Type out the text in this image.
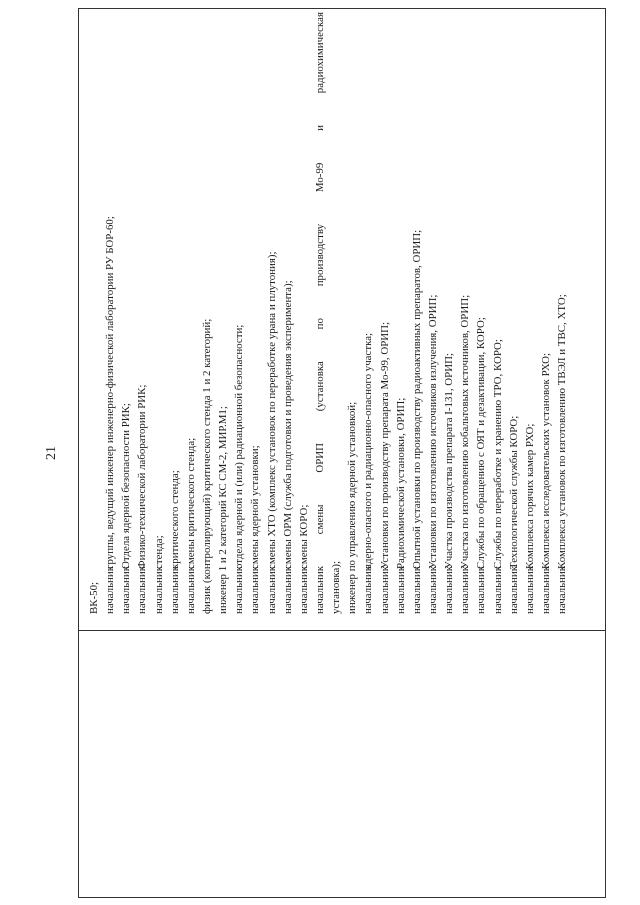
21
ВК-50; начальникгруппы, ведущий инженер инженерно-физической лаборатории РУ БОР-60;
начальникОтдела ядерной безопасности РИК;
начальникФизико-технической лаборатории РИК;
начальникстенда;
начальниккритического стенда;
начальниксмены критического стенда; физик (контролирующий) критического стенда 1 и 2 категорий; инженер 1 и 2 категорий КС СМ-2, МИР.М1; начальникотдела ядерной и (или) радиационной безопасности;
начальниксмены ядерной установки;
начальниксмены ХТО (комплекс установок по переработке урана и плутония);
начальниксмены ОРМ (служба подготовки и проведения эксперимента);
начальниксмены КОРО;
начальник
смены
ОРИП
(установка
по
производству
Мо-99
и
радиохимическая
установка); инженер по управлению ядерной установкой; начальникядерно-опасного и радиационно-опасного участка;
начальникУстановки по производству препарата Мо-99, ОРИП;
начальникРадиохимической установки, ОРИП;
начальникОпытной установки по производству радиоактивных препаратов, ОРИП;
начальникУстановки по изготовлению источников излучения, ОРИП;
начальникУчастка производства препарата I-131, ОРИП;
начальникУчастка по изготовлению кобальтовых источников, ОРИП;
начальникСлужбы по обращению с ОЯТ и дезактивации, КОРО;
начальникСлужбы по переработке и хранению ТРО, КОРО;
начальникТехнологической службы КОРО;
начальникКомплекса горячих камер РХО;
начальникКомплекса исследовательских установок РХО;
начальникКомплекса установок по изготовлению ТВЭЛ и ТВС, ХТО;
